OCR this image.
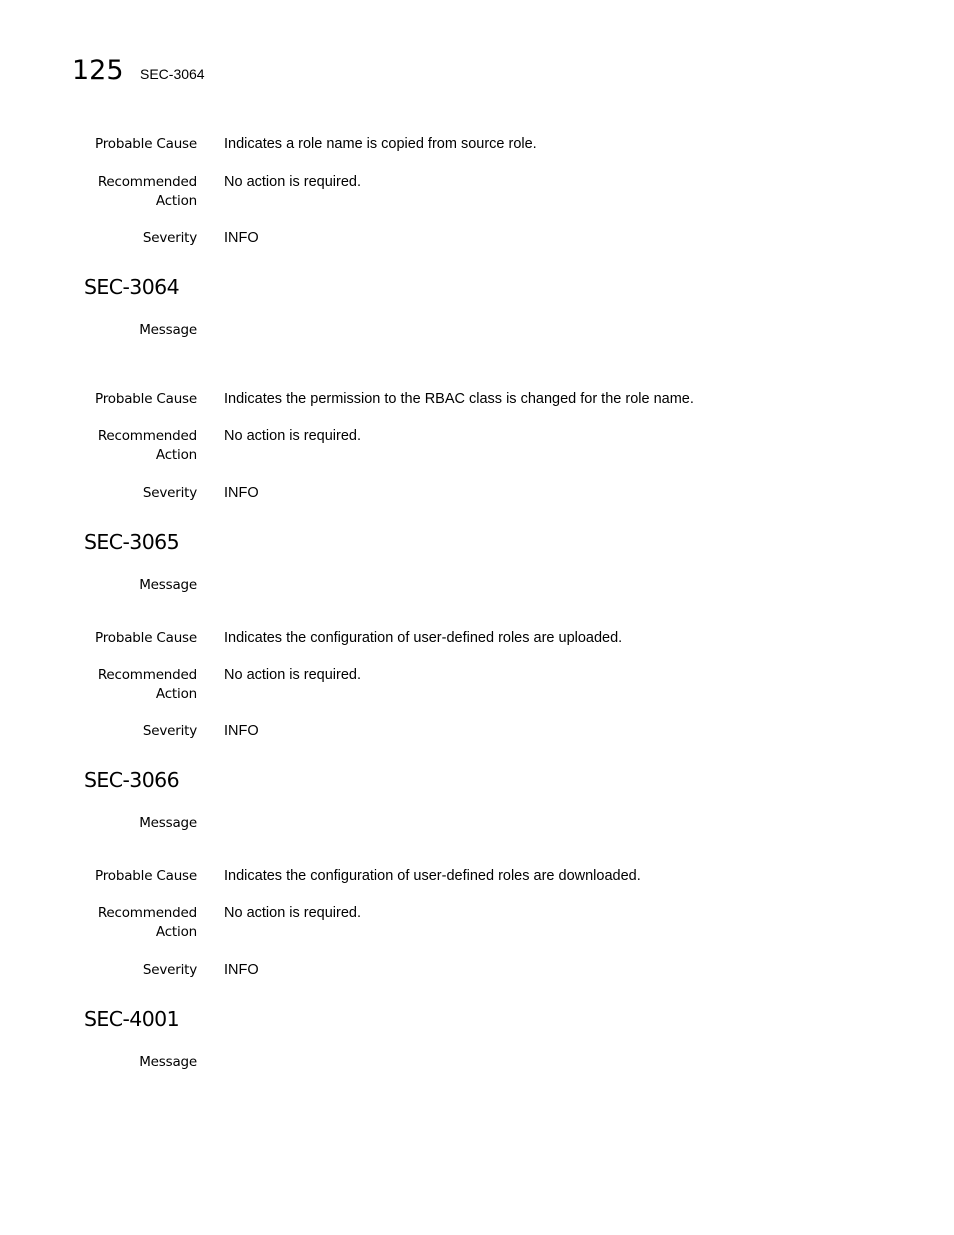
125 SEC-3064
Probable Cause Indicates a role name is copied from source role.
Recommended
Action
No action is required.
Severity INFO
SEC-3064
Message
Probable Cause Indicates the permission to the RBAC class is changed for the role name.
Recommended
Action
No action is required.
Severity INFO
SEC-3065
Message
Probable Cause Indicates the configuration of user-defined roles are uploaded.
Recommended
Action
No action is required.
Severity INFO
SEC-3066
Message
Probable Cause Indicates the configuration of user-defined roles are downloaded.
Recommended
Action
No action is required.
Severity INFO
SEC-4001
Message
